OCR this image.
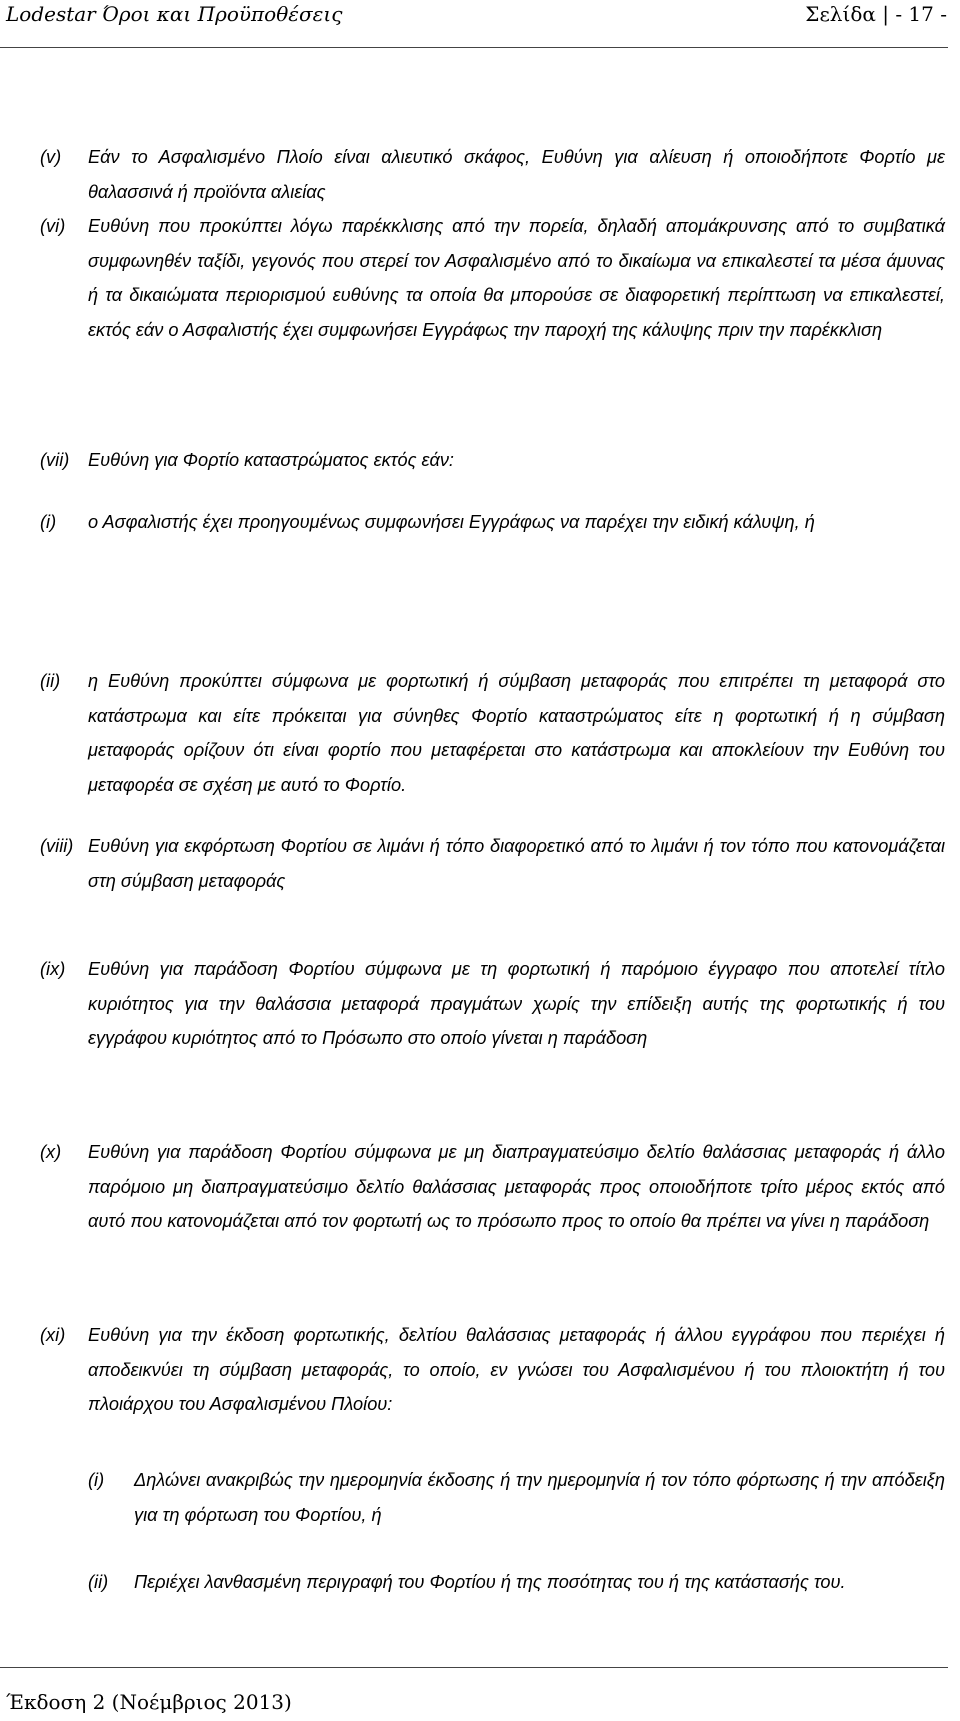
Lodestar Όροι και Προϋποθέσεις	Σελίδα | - 17 -
(v) Εάν το Ασφαλισμένο Πλοίο είναι αλιευτικό σκάφος, Ευθύνη για αλίευση ή οποιοδήποτε Φορτίο με θαλασσινά ή προϊόντα αλιείας
(vi) Ευθύνη που προκύπτει λόγω παρέκκλισης από την πορεία, δηλαδή απομάκρυνσης από το συμβατικά συμφωνηθέν ταξίδι, γεγονός που στερεί τον Ασφαλισμένο από το δικαίωμα να επικαλεστεί τα μέσα άμυνας ή τα δικαιώματα περιορισμού ευθύνης τα οποία θα μπορούσε σε διαφορετική περίπτωση να επικαλεστεί, εκτός εάν ο Ασφαλιστής έχει συμφωνήσει Εγγράφως την παροχή της κάλυψης πριν την παρέκκλιση
(vii) Ευθύνη για Φορτίο καταστρώματος εκτός εάν:
(i) ο Ασφαλιστής έχει προηγουμένως συμφωνήσει Εγγράφως να παρέχει την ειδική κάλυψη, ή
(ii) η Ευθύνη προκύπτει σύμφωνα με φορτωτική ή σύμβαση μεταφοράς που επιτρέπει τη μεταφορά στο κατάστρωμα και είτε πρόκειται για σύνηθες Φορτίο καταστρώματος είτε η φορτωτική ή η σύμβαση μεταφοράς ορίζουν ότι είναι φορτίο που μεταφέρεται στο κατάστρωμα και αποκλείουν την Ευθύνη του μεταφορέα σε σχέση με αυτό το Φορτίο.
(viii) Ευθύνη για εκφόρτωση Φορτίου σε λιμάνι ή τόπο διαφορετικό από το λιμάνι ή τον τόπο που κατονομάζεται στη σύμβαση μεταφοράς
(ix) Ευθύνη για παράδοση Φορτίου σύμφωνα με τη φορτωτική ή παρόμοιο έγγραφο που αποτελεί τίτλο κυριότητος για την θαλάσσια μεταφορά πραγμάτων χωρίς την επίδειξη αυτής της φορτωτικής ή του εγγράφου κυριότητος από το Πρόσωπο στο οποίο γίνεται η παράδοση
(x) Ευθύνη για παράδοση Φορτίου σύμφωνα με μη διαπραγματεύσιμο δελτίο θαλάσσιας μεταφοράς ή άλλο παρόμοιο μη διαπραγματεύσιμο δελτίο θαλάσσιας μεταφοράς προς οποιοδήποτε τρίτο μέρος εκτός από αυτό που κατονομάζεται από τον φορτωτή ως το πρόσωπο προς το οποίο θα πρέπει να γίνει η παράδοση
(xi) Ευθύνη για την έκδοση φορτωτικής, δελτίου θαλάσσιας μεταφοράς ή άλλου εγγράφου που περιέχει ή αποδεικνύει τη σύμβαση μεταφοράς, το οποίο, εν γνώσει του Ασφαλισμένου ή του πλοιοκτήτη ή του πλοιάρχου του Ασφαλισμένου Πλοίου:
(i) Δηλώνει ανακριβώς την ημερομηνία έκδοσης ή την ημερομηνία ή τον τόπο φόρτωσης ή την απόδειξη για τη φόρτωση του Φορτίου, ή
(ii) Περιέχει λανθασμένη περιγραφή του Φορτίου ή της ποσότητας του ή της κατάστασής του.
Έκδοση 2 (Νοέμβριος 2013)
